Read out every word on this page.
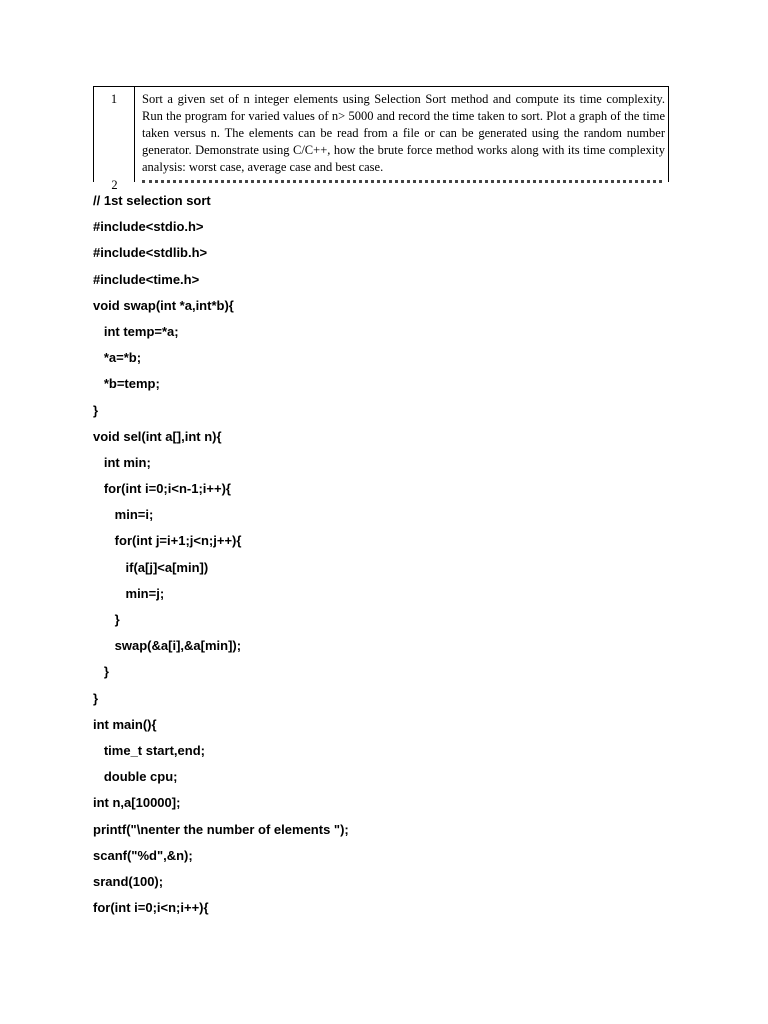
1	Sort a given set of n integer elements using Selection Sort method and compute its time complexity. Run the program for varied values of n> 5000 and record the time taken to sort. Plot a graph of the time taken versus n. The elements can be read from a file or can be generated using the random number generator. Demonstrate using C/C++, how the brute force method works along with its time complexity analysis: worst case, average case and best case.
2
// 1st selection sort
#include<stdio.h>
#include<stdlib.h>
#include<time.h>
void swap(int *a,int*b){
int temp=*a;
*a=*b;
*b=temp;
}
void sel(int a[],int n){
int min;
for(int i=0;i<n-1;i++){
min=i;
for(int j=i+1;j<n;j++){
if(a[j]<a[min])
min=j;
}
swap(&a[i],&a[min]);
}
}
int main(){
time_t start,end;
double cpu;
int n,a[10000];
printf("\nenter the number of elements ");
scanf("%d",&n);
srand(100);
for(int i=0;i<n;i++){
